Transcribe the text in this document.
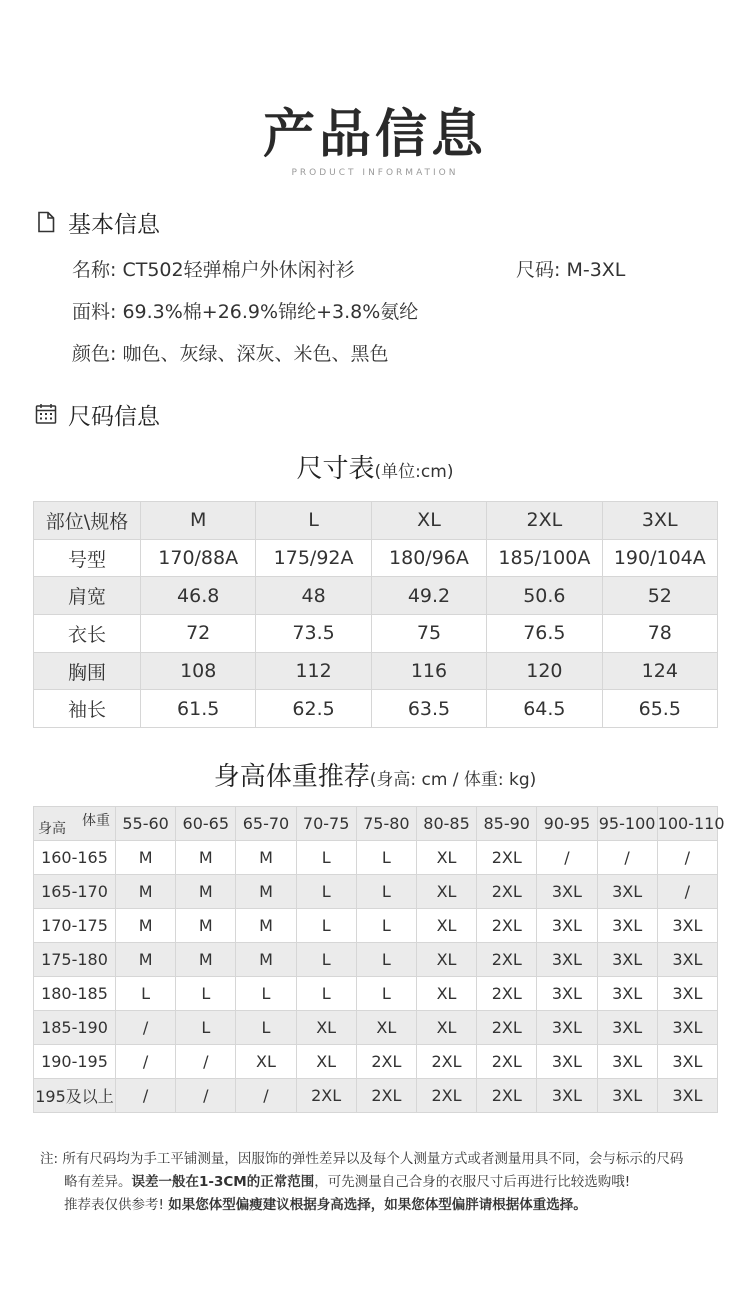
产品信息
PRODUCT INFORMATION
基本信息
名称: CT502轻弹棉户外休闲衬衫	尺码: M-3XL
面料: 69.3%棉+26.9%锦纶+3.8%氨纶
颜色: 咖色、灰绿、深灰、米色、黑色
尺码信息
尺寸表(单位:cm)
部位\规格	M	L	XL	2XL	3XL
号型	170/88A	175/92A	180/96A	185/100A	190/104A
肩宽	46.8	48	49.2	50.6	52
衣长	72	73.5	75	76.5	78
胸围	108	112	116	120	124
袖长	61.5	62.5	63.5	64.5	65.5
身高体重推荐(身高: cm / 体重: kg)
体重
身高	55-60	60-65	65-70	70-75	75-80	80-85	85-90	90-95	95-100	100-110
160-165	M	M	M	L	L	XL	2XL	/	/	/
165-170	M	M	M	L	L	XL	2XL	3XL	3XL	/
170-175	M	M	M	L	L	XL	2XL	3XL	3XL	3XL
175-180	M	M	M	L	L	XL	2XL	3XL	3XL	3XL
180-185	L	L	L	L	L	XL	2XL	3XL	3XL	3XL
185-190	/	L	L	XL	XL	XL	2XL	3XL	3XL	3XL
190-195	/	/	XL	XL	2XL	2XL	2XL	3XL	3XL	3XL
195及以上	/	/	/	2XL	2XL	2XL	2XL	3XL	3XL	3XL
注: 所有尺码均为手工平铺测量，因服饰的弹性差异以及每个人测量方式或者测量用具不同，会与标示的尺码
略有差异。误差一般在1-3CM的正常范围，可先测量自己合身的衣服尺寸后再进行比较选购哦!
推荐表仅供参考! 如果您体型偏瘦建议根据身高选择，如果您体型偏胖请根据体重选择。
